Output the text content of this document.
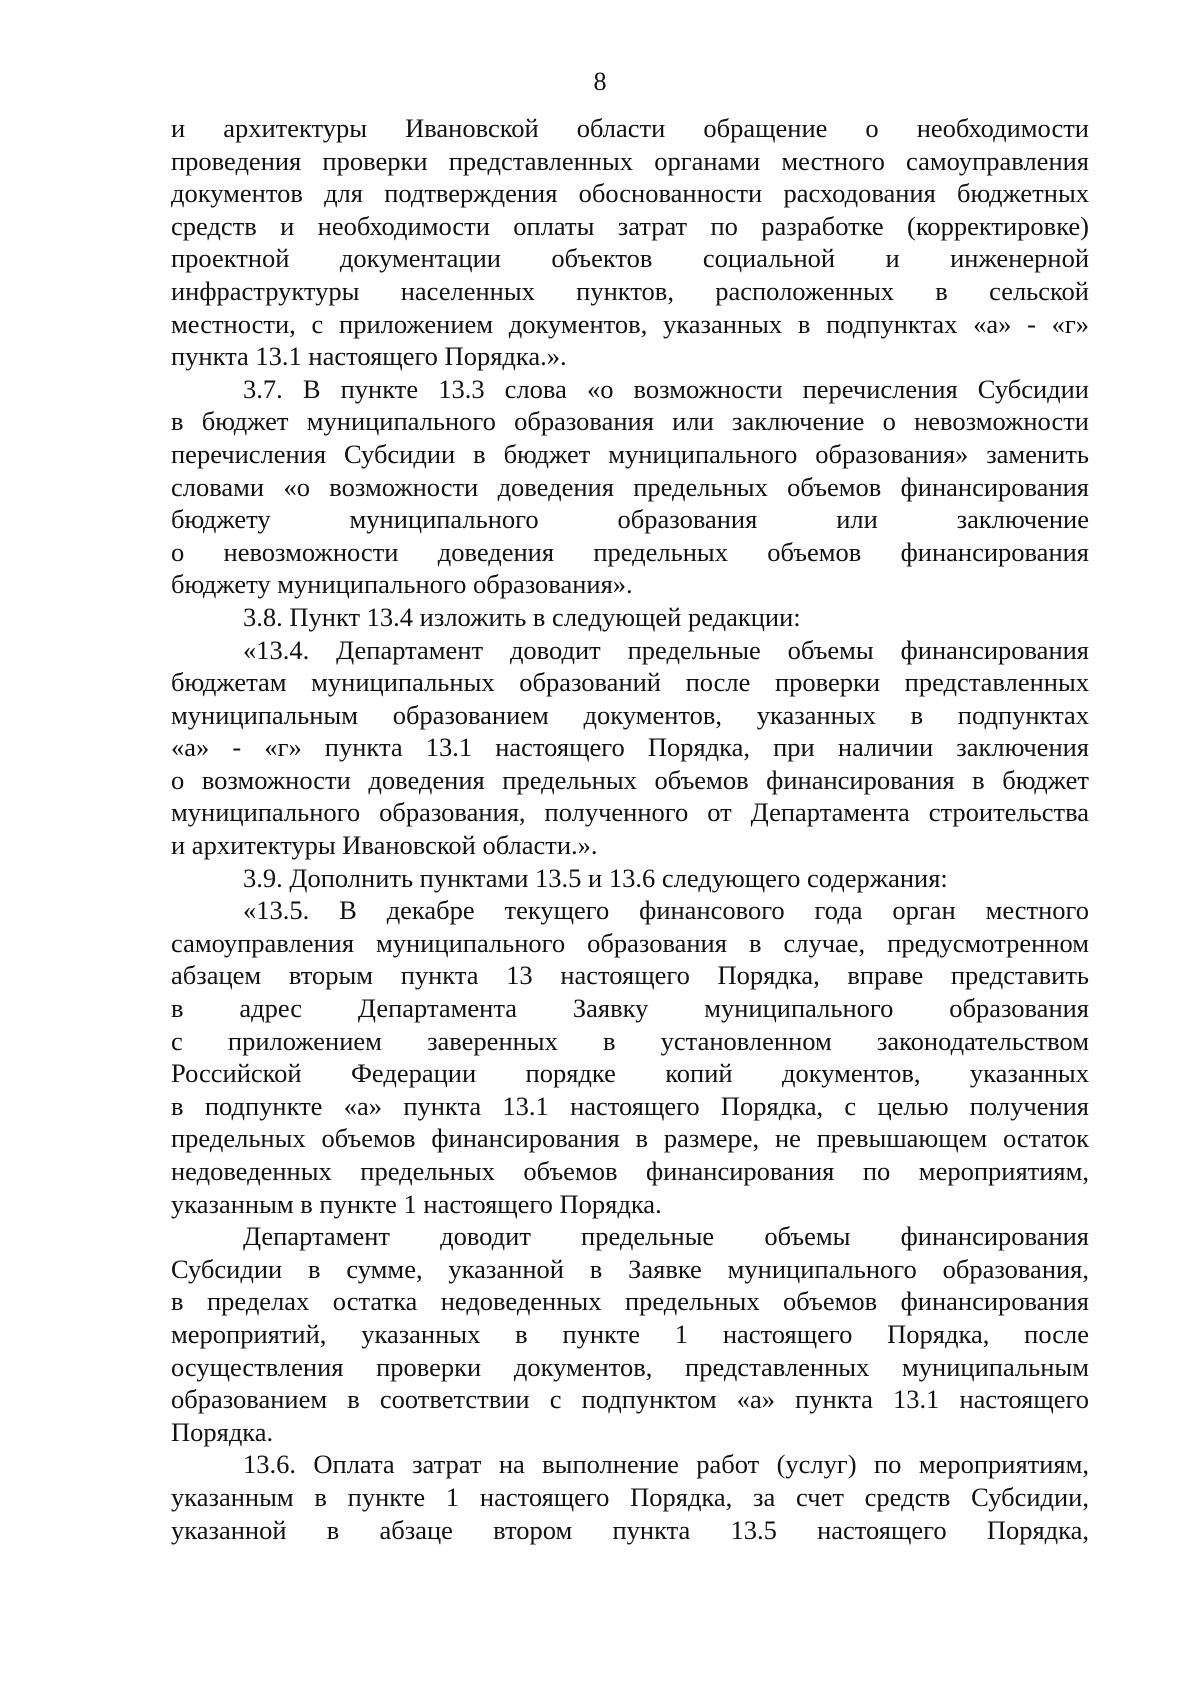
8
и архитектуры Ивановской области обращение о необходимости
проведения проверки представленных органами местного самоуправления
документов для подтверждения обоснованности расходования бюджетных
средств и необходимости оплаты затрат по разработке (корректировке)
проектной документации объектов социальной и инженерной
инфраструктуры населенных пунктов, расположенных в сельской
местности, с приложением документов, указанных в подпунктах «а» - «г»
пункта 13.1 настоящего Порядка.».
3.7. В пункте 13.3 слова «о возможности перечисления Субсидии
в бюджет муниципального образования или заключение о невозможности
перечисления Субсидии в бюджет муниципального образования» заменить
словами «о возможности доведения предельных объемов финансирования
бюджету муниципального образования или заключение
о невозможности доведения предельных объемов финансирования
бюджету муниципального образования».
3.8. Пункт 13.4 изложить в следующей редакции:
«13.4. Департамент доводит предельные объемы финансирования
бюджетам муниципальных образований после проверки представленных
муниципальным образованием документов, указанных в подпунктах
«а» - «г» пункта 13.1 настоящего Порядка, при наличии заключения
о возможности доведения предельных объемов финансирования в бюджет
муниципального образования, полученного от Департамента строительства
и архитектуры Ивановской области.».
3.9. Дополнить пунктами 13.5 и 13.6 следующего содержания:
«13.5. В декабре текущего финансового года орган местного
самоуправления муниципального образования в случае, предусмотренном
абзацем вторым пункта 13 настоящего Порядка, вправе представить
в адрес Департамента Заявку муниципального образования
с приложением заверенных в установленном законодательством
Российской Федерации порядке копий документов, указанных
в подпункте «а» пункта 13.1 настоящего Порядка, с целью получения
предельных объемов финансирования в размере, не превышающем остаток
недоведенных предельных объемов финансирования по мероприятиям,
указанным в пункте 1 настоящего Порядка.
Департамент доводит предельные объемы финансирования
Субсидии в сумме, указанной в Заявке муниципального образования,
в пределах остатка недоведенных предельных объемов финансирования
мероприятий, указанных в пункте 1 настоящего Порядка, после
осуществления проверки документов, представленных муниципальным
образованием в соответствии с подпунктом «а» пункта 13.1 настоящего
Порядка.
13.6. Оплата затрат на выполнение работ (услуг) по мероприятиям,
указанным в пункте 1 настоящего Порядка, за счет средств Субсидии,
указанной в абзаце втором пункта 13.5 настоящего Порядка,
